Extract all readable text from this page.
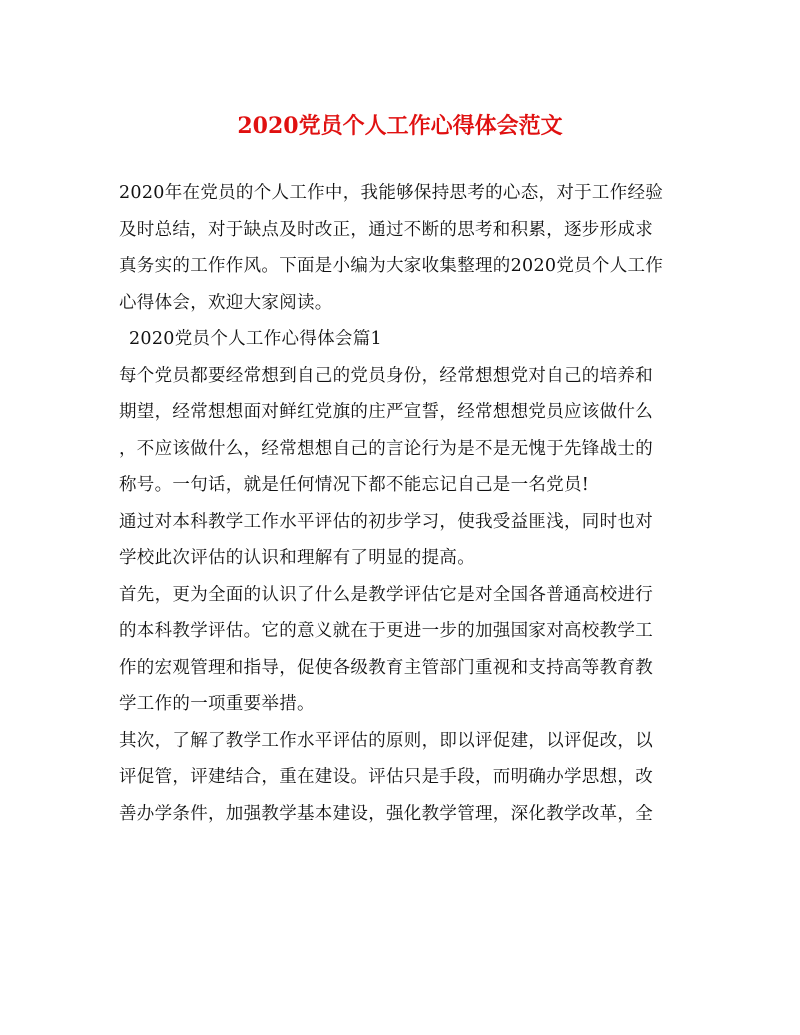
2020党员个人工作心得体会范文
2020年在党员的个人工作中，我能够保持思考的心态，对于工作经验
及时总结，对于缺点及时改正，通过不断的思考和积累，逐步形成求
真务实的工作作风。下面是小编为大家收集整理的2020党员个人工作
心得体会，欢迎大家阅读。
2020党员个人工作心得体会篇1
每个党员都要经常想到自己的党员身份，经常想想党对自己的培养和
期望，经常想想面对鲜红党旗的庄严宣誓，经常想想党员应该做什么
，不应该做什么，经常想想自己的言论行为是不是无愧于先锋战士的
称号。一句话，就是任何情况下都不能忘记自己是一名党员!
通过对本科教学工作水平评估的初步学习，使我受益匪浅，同时也对
学校此次评估的认识和理解有了明显的提高。
首先，更为全面的认识了什么是教学评估它是对全国各普通高校进行
的本科教学评估。它的意义就在于更进一步的加强国家对高校教学工
作的宏观管理和指导，促使各级教育主管部门重视和支持高等教育教
学工作的一项重要举措。
其次，了解了教学工作水平评估的原则，即以评促建，以评促改，以
评促管，评建结合，重在建设。评估只是手段，而明确办学思想，改
善办学条件，加强教学基本建设，强化教学管理，深化教学改革，全
